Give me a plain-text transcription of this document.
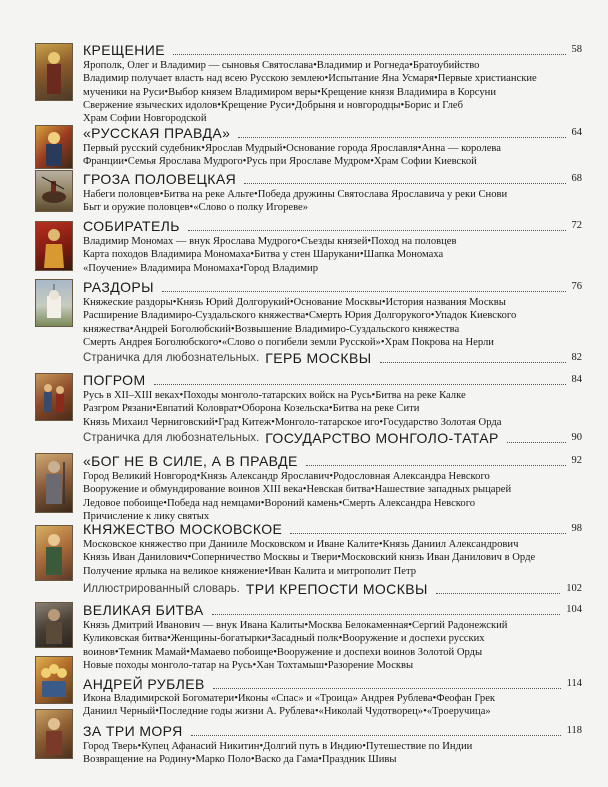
КРЕЩЕНИЕ	58
Ярополк, Олег и Владимир — сыновья Святослава•Владимир и Рогнеда•Братоубийство
Владимир получает власть над всею Русскою землею•Испытание Яна Усмаря•Первые христианские
мученики на Руси•Выбор князем Владимиром веры•Крещение князя Владимира в Корсуни
Свержение языческих идолов•Крещение Руси•Добрыня и новгородцы•Борис и Глеб
Храм Софии Новгородской
«РУССКАЯ ПРАВДА»	64
Первый русский судебник•Ярослав Мудрый•Основание города Ярославля•Анна — королева
Франции•Семья Ярослава Мудрого•Русь при Ярославе Мудром•Храм Софии Киевской
ГРОЗА ПОЛОВЕЦКАЯ	68
Набеги половцев•Битва на реке Альте•Победа дружины Святослава Ярославича у реки Снови
Быт и оружие половцев•«Слово о полку Игореве»
СОБИРАТЕЛЬ	72
Владимир Мономах — внук Ярослава Мудрого•Съезды князей•Поход на половцев
Карта походов Владимира Мономаха•Битва у стен Шарукани•Шапка Мономаха
«Поучение» Владимира Мономаха•Город Владимир
РАЗДОРЫ	76
Княжеские раздоры•Князь Юрий Долгорукий•Основание Москвы•История названия Москвы
Расширение Владимиро-Суздальского княжества•Смерть Юрия Долгорукого•Упадок Киевского
княжества•Андрей Боголюбский•Возвышение Владимиро-Суздальского княжества
Смерть Андрея Боголюбского•«Слово о погибели земли Русской»•Храм Покрова на Нерли
Страничка для любознательных. ГЕРБ МОСКВЫ	82
ПОГРОМ	84
Русь в XII–XIII веках•Походы монголо-татарских войск на Русь•Битва на реке Калке
Разгром Рязани•Евпатий Коловрат•Оборона Козельска•Битва на реке Сити
Князь Михаил Черниговский•Град Китеж•Монголо-татарское иго•Государство Золотая Орда
Страничка для любознательных. ГОСУДАРСТВО МОНГОЛО-ТАТАР	90
«БОГ НЕ В СИЛЕ, А В ПРАВДЕ	92
Город Великий Новгород•Князь Александр Ярославич•Родословная Александра Невского
Вооружение и обмундирование воинов XIII века•Невская битва•Нашествие западных рыцарей
Ледовое побоище•Победа над немцами•Вороний камень•Смерть Александра Невского
Причисление к лику святых
КНЯЖЕСТВО МОСКОВСКОЕ	98
Московское княжество при Данииле Московском и Иване Калите•Князь Даниил Александрович
Князь Иван Данилович•Соперничество Москвы и Твери•Московский князь Иван Данилович в Орде
Получение ярлыка на великое княжение•Иван Калита и митрополит Петр
Иллюстрированный словарь. ТРИ КРЕПОСТИ МОСКВЫ	102
ВЕЛИКАЯ БИТВА	104
Князь Дмитрий Иванович — внук Ивана Калиты•Москва Белокаменная•Сергий Радонежский
Куликовская битва•Женщины-богатырки•Засадный полк•Вооружение и доспехи русских
воинов•Темник Мамай•Мамаево побоище•Вооружение и доспехи воинов Золотой Орды
Новые походы монголо-татар на Русь•Хан Тохтамыш•Разорение Москвы
АНДРЕЙ РУБЛЕВ	114
Икона Владимирской Богоматери•Иконы «Спас» и «Троица» Андрея Рублева•Феофан Грек
Даниил Черный•Последние годы жизни А. Рублева•«Николай Чудотворец»•«Троеручица»
ЗА ТРИ МОРЯ	118
Город Тверь•Купец Афанасий Никитин•Долгий путь в Индию•Путешествие по Индии
Возвращение на Родину•Марко Поло•Васко да Гама•Праздник Шивы
